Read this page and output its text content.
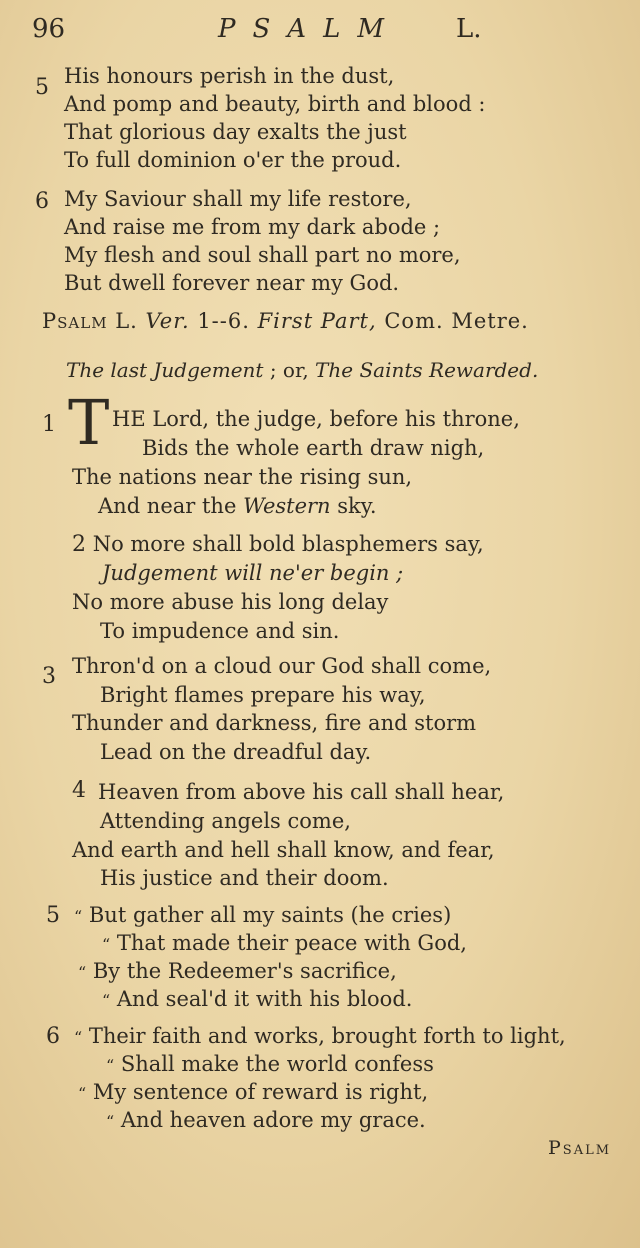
96	PSALM L.
5 His honours perish in the dust,
And pomp and beauty, birth and blood :
That glorious day exalts the just
To full dominion o'er the proud.
6 My Saviour shall my life restore,
And raise me from my dark abode ;
My flesh and soul shall part no more,
But dwell forever near my God.
Psalm L. Ver. 1--6. First Part, Com. Metre.
The last Judgement ; or, The Saints Rewarded.
1 T HE Lord, the judge, before his throne,
Bids the whole earth draw nigh,
The nations near the rising sun,
And near the Western sky.
2 No more shall bold blasphemers say,
Judgement will ne'er begin ;
No more abuse his long delay
To impudence and sin.
3 Thron'd on a cloud our God shall come,
Bright flames prepare his way,
Thunder and darkness, fire and storm
Lead on the dreadful day.
4 Heaven from above his call shall hear,
Attending angels come,
And earth and hell shall know, and fear,
His justice and their doom.
5 “ But gather all my saints (he cries)
“ That made their peace with God,
“ By the Redeemer's sacrifice,
“ And seal'd it with his blood.
6 “ Their faith and works, brought forth to light,
“ Shall make the world confess
“ My sentence of reward is right,
“ And heaven adore my grace.
Psalm
